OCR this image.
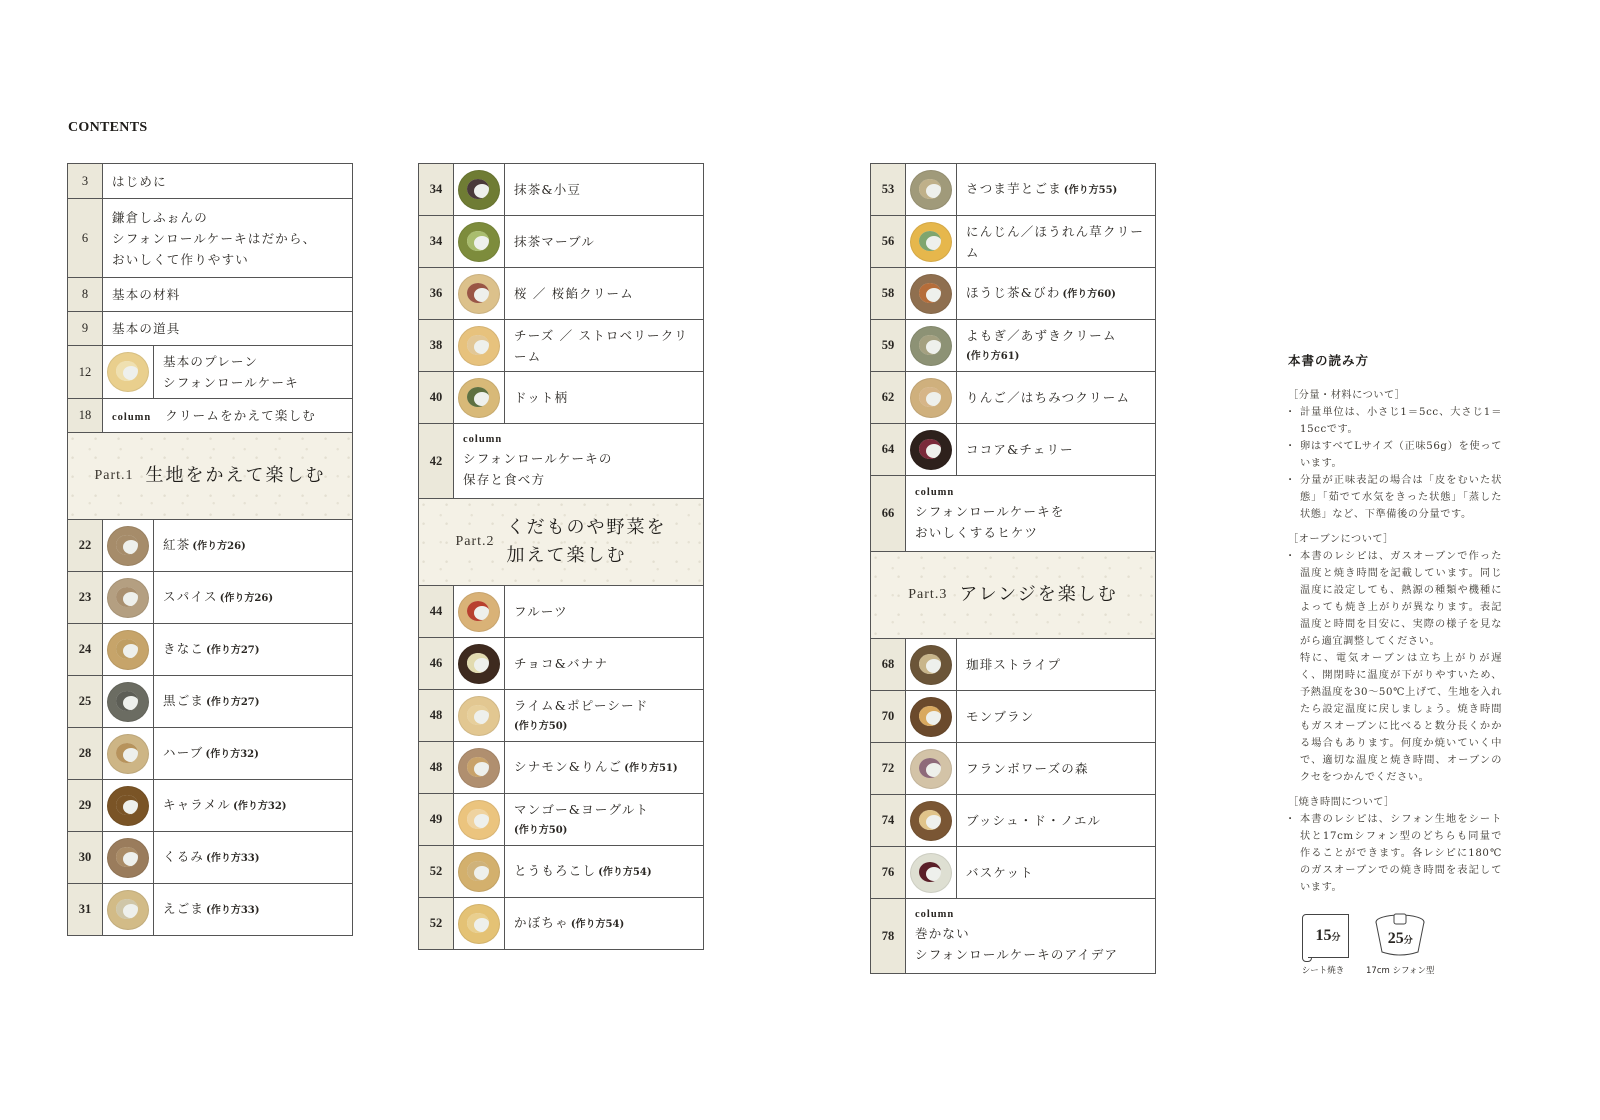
CONTENTS
3	はじめに
6
鎌倉しふぉんの
シフォンロールケーキはだから、
おいしくて作りやすい
8	基本の材料
9	基本の道具
12
基本のプレーン
シフォンロールケーキ
18	column クリームをかえて楽しむ
Part.1 生地をかえて楽しむ
22	紅茶 (作り方26)
23	スパイス (作り方26)
24	きなこ (作り方27)
25	黒ごま (作り方27)
28	ハーブ (作り方32)
29	キャラメル (作り方32)
30	くるみ (作り方33)
31	えごま (作り方33)
34	抹茶&小豆
34	抹茶マーブル
36	桜 ／ 桜餡クリーム
38
チーズ ／ ストロベリークリーム
40	ドット柄
42
column
シフォンロールケーキの
保存と食べ方
Part.2
くだものや野菜を
加えて楽しむ
44	フルーツ
46	チョコ&バナナ
48
ライム&ポピーシード
(作り方50)
48	シナモン&りんご (作り方51)
49
マンゴー&ヨーグルト
(作り方50)
52	とうもろこし (作り方54)
52	かぼちゃ (作り方54)
53	さつま芋とごま (作り方55)
56
にんじん／ほうれん草クリーム
58	ほうじ茶&びわ (作り方60)
59
よもぎ／あずきクリーム
(作り方61)
62	りんご／はちみつクリーム
64	ココア&チェリー
66
column
シフォンロールケーキを
おいしくするヒケツ
Part.3 アレンジを楽しむ
68	珈琲ストライプ
70	モンブラン
72	フランボワーズの森
74	ブッシュ・ド・ノエル
76	バスケット
78
column
巻かない
シフォンロールケーキのアイデア
本書の読み方
［分量・材料について］
・ 計量単位は、小さじ1＝5cc、大さじ1＝15ccです。
・ 卵はすべてLサイズ（正味56g）を使っています。
・ 分量が正味表記の場合は「皮をむいた状態」「茹でて水気をきった状態」「蒸した状態」など、下準備後の分量です。
［オーブンについて］
・ 本書のレシピは、ガスオーブンで作った温度と焼き時間を記載しています。同じ温度に設定しても、熱源の種類や機種によっても焼き上がりが異なります。表記温度と時間を目安に、実際の様子を見ながら適宜調整してください。

特に、電気オーブンは立ち上がりが遅く、開閉時に温度が下がりやすいため、予熱温度を30～50℃上げて、生地を入れたら設定温度に戻しましょう。焼き時間もガスオーブンに比べると数分長くかかる場合もあります。何度か焼いていく中で、適切な温度と焼き時間、オーブンのクセをつかんでください。

［焼き時間について］
・ 本書のレシピは、シフォン生地をシート状と17cmシフォン型のどちらも同量で作ることができます。各レシピに180℃のガスオーブンでの焼き時間を表記しています。
15分
シート焼き
25分
17cm シフォン型
